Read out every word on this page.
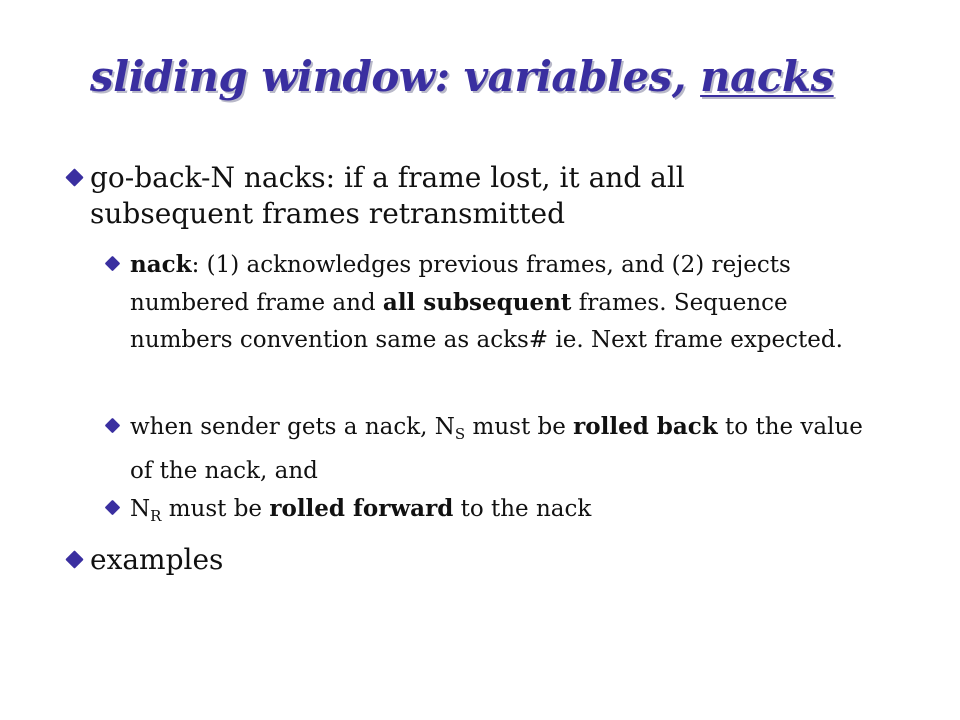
sliding window: variables, nacks
go-back-N nacks: if a frame lost, it and all subsequent frames retransmitted
nack: (1) acknowledges previous frames, and (2) rejects numbered frame and all subsequent frames. Sequence numbers convention same as acks# ie. Next frame expected.
when sender gets a nack, $N_S$ must be rolled back to the value of the nack, and
$N_R$ must be rolled forward to the nack
examples
